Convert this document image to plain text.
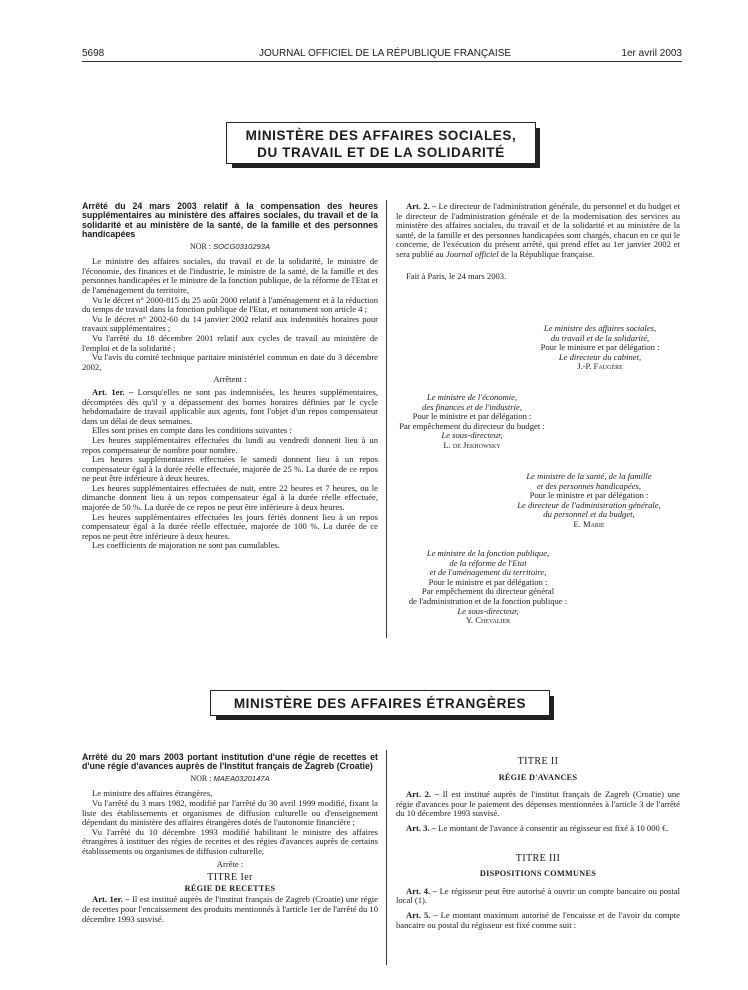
5698	JOURNAL OFFICIEL DE LA RÉPUBLIQUE FRANÇAISE	1er avril 2003
MINISTÈRE DES AFFAIRES SOCIALES,
DU TRAVAIL ET DE LA SOLIDARITÉ

Arrêté du 24 mars 2003 relatif à la compensation des heures supplémentaires au ministère des affaires sociales, du travail et de la solidarité et au ministère de la santé, de la famille et des personnes handicapées

NOR : SOCG0310293A

Le ministre des affaires sociales, du travail et de la solidarité, le ministre de l'économie, des finances et de l'industrie, le ministre de la santé, de la famille et des personnes handicapées et le ministre de la fonction publique, de la réforme de l'Etat et de l'aménagement du territoire,

Vu le décret n° 2000-815 du 25 août 2000 relatif à l'aménagement et à la réduction du temps de travail dans la fonction publique de l'Etat, et notamment son article 4 ;

Vu le décret n° 2002-60 du 14 janvier 2002 relatif aux indemnités horaires pour travaux supplémentaires ;

Vu l'arrêté du 18 décembre 2001 relatif aux cycles de travail au ministère de l'emploi et de la solidarité ;

Vu l'avis du comité technique paritaire ministériel commun en date du 3 décembre 2002,

Arrêtent :

Art. 1er. – Lorsqu'elles ne sont pas indemnisées, les heures supplémentaires, décomptées dès qu'il y a dépassement des bornes horaires définies par le cycle hebdomadaire de travail applicable aux agents, font l'objet d'un repos compensateur dans un délai de deux semaines.

Elles sont prises en compte dans les conditions suivantes :

Les heures supplémentaires effectuées du lundi au vendredi donnent lieu à un repos compensateur de nombre pour nombre.

Les heures supplémentaires effectuées le samedi donnent lieu à un repos compensateur égal à la durée réelle effectuée, majorée de 25 %. La durée de ce repos ne peut être inférieure à deux heures.

Les heures supplémentaires effectuées de nuit, entre 22 heures et 7 heures, ou le dimanche donnent lieu à un repos compensateur égal à la durée réelle effectuée, majorée de 50 %. La durée de ce repos ne peut être inférieure à deux heures.

Les heures supplémentaires effectuées les jours fériés donnent lieu à un repos compensateur égal à la durée réelle effectuée, majorée de 100 %. La durée de ce repos ne peut être inférieure à deux heures.

Les coefficients de majoration ne sont pas cumulables.

Art. 2. – Le directeur de l'administration générale, du personnel et du budget et le directeur de l'administration générale et de la modernisation des services au ministère des affaires sociales, du travail et de la solidarité et au ministère de la santé, de la famille et des personnes handicapées sont chargés, chacun en ce qui le concerne, de l'exécution du présent arrêté, qui prend effet au 1er janvier 2002 et sera publié au Journal officiel de la République française.

Fait à Paris, le 24 mars 2003.

Le ministre des affaires sociales,
du travail et de la solidarité,
Pour le ministre et par délégation :
Le directeur du cabinet,
J.-P. Faugère
Le ministre de l'économie,
des finances et de l'industrie,
Pour le ministre et par délégation :
Par empêchement du directeur du budget :
Le sous-directeur,
L. de Jekhowsky
Le ministre de la santé, de la famille
et des personnes handicapées,
Pour le ministre et par délégation :
Le directeur de l'administration générale,
du personnel et du budget,
E. Marie
Le ministre de la fonction publique,
de la réforme de l'Etat
et de l'aménagement du territoire,
Pour le ministre et par délégation :
Par empêchement du directeur général
de l'administration et de la fonction publique :
Le sous-directeur,
Y. Chevalier
MINISTÈRE DES AFFAIRES ÉTRANGÈRES

Arrêté du 20 mars 2003 portant institution d'une régie de recettes et d'une régie d'avances auprès de l'Institut français de Zagreb (Croatie)

NOR : MAEA0320147A

Le ministre des affaires étrangères,

Vu l'arrêté du 3 mars 1982, modifié par l'arrêté du 30 avril 1999 modifié, fixant la liste des établissements et organismes de diffusion culturelle ou d'enseignement dépendant du ministère des affaires étrangères dotés de l'autonomie financière ;

Vu l'arrêté du 10 décembre 1993 modifié habilitant le ministre des affaires étrangères à instituer des régies de recettes et des régies d'avances auprès de certains établissements ou organismes de diffusion culturelle,

Arrête :

TITRE Ier
RÉGIE DE RECETTES

Art. 1er. – Il est institué auprès de l'institut français de Zagreb (Croatie) une régie de recettes pour l'encaissement des produits mentionnés à l'article 1er de l'arrêté du 10 décembre 1993 susvisé.

TITRE II
RÉGIE D'AVANCES

Art. 2. – Il est institué auprès de l'institut français de Zagreb (Croatie) une régie d'avances pour le paiement des dépenses mentionnées à l'article 3 de l'arrêté du 10 décembre 1993 susvisé.

Art. 3. – Le montant de l'avance à consentir au régisseur est fixé à 10 000 €.

TITRE III
DISPOSITIONS COMMUNES

Art. 4. – Le régisseur peut être autorisé à ouvrir un compte bancaire ou postal local (1).

Art. 5. – Le montant maximum autorisé de l'encaisse et de l'avoir du compte bancaire ou postal du régisseur est fixé comme suit :
